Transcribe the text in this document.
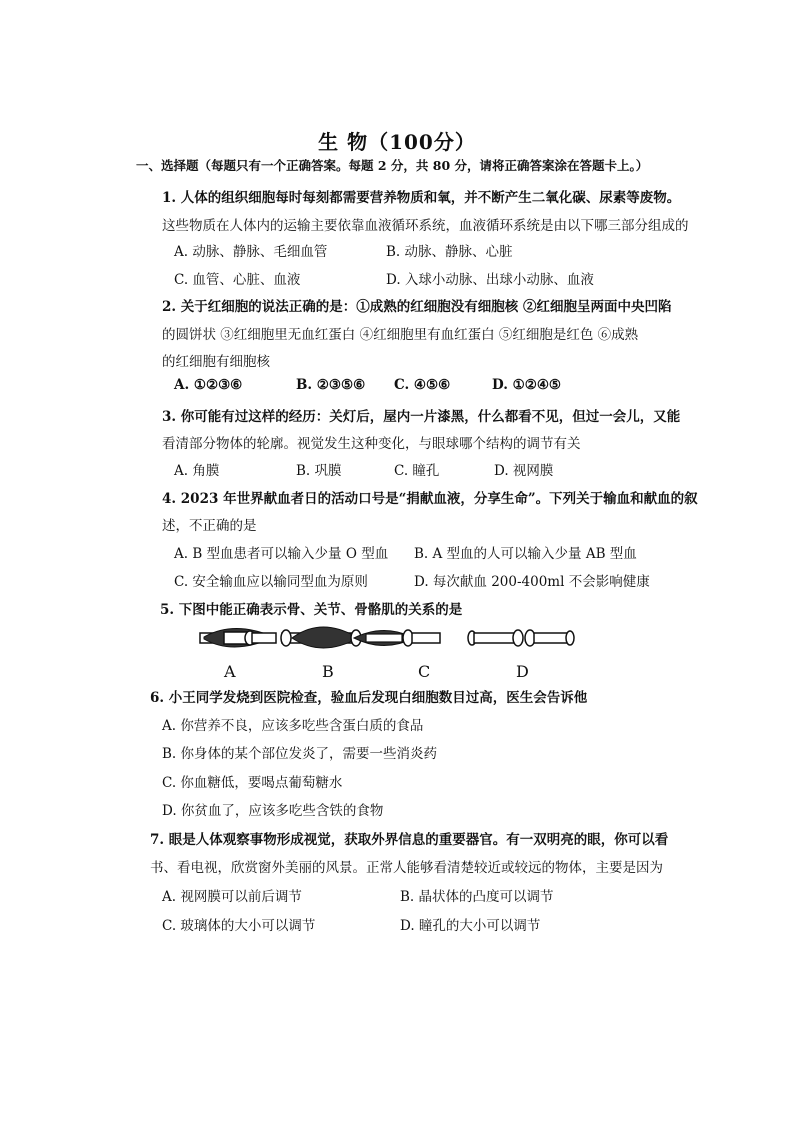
生 物（100分）
一、选择题（每题只有一个正确答案。每题 2 分，共 80 分，请将正确答案涂在答题卡上。）
1. 人体的组织细胞每时每刻都需要营养物质和氧，并不断产生二氧化碳、尿素等废物。
这些物质在人体内的运输主要依靠血液循环系统，血液循环系统是由以下哪三部分组成的
A. 动脉、静脉、毛细血管	B. 动脉、静脉、心脏
C. 血管、心脏、血液	D. 入球小动脉、出球小动脉、血液
2. 关于红细胞的说法正确的是：①成熟的红细胞没有细胞核 ②红细胞呈两面中央凹陷
的圆饼状 ③红细胞里无血红蛋白 ④红细胞里有血红蛋白 ⑤红细胞是红色 ⑥成熟
的红细胞有细胞核
A. ①②③⑥	B. ②③⑤⑥ C. ④⑤⑥	D. ①②④⑤
3. 你可能有过这样的经历：关灯后，屋内一片漆黑，什么都看不见，但过一会儿，又能
看清部分物体的轮廓。视觉发生这种变化，与眼球哪个结构的调节有关
A. 角膜	B. 巩膜	C. 瞳孔	D. 视网膜
4. 2023 年世界献血者日的活动口号是“捐献血液，分享生命”。下列关于输血和献血的叙
述，不正确的是
A. B 型血患者可以输入少量 O 型血 B. A 型血的人可以输入少量 AB 型血
C. 安全输血应以输同型血为原则	D. 每次献血 200-400ml 不会影响健康
5. 下图中能正确表示骨、关节、骨骼肌的关系的是
A	B	C	D
6. 小王同学发烧到医院检查，验血后发现白细胞数目过高，医生会告诉他
A. 你营养不良，应该多吃些含蛋白质的食品
B. 你身体的某个部位发炎了，需要一些消炎药
C. 你血糖低，要喝点葡萄糖水
D. 你贫血了，应该多吃些含铁的食物
7. 眼是人体观察事物形成视觉，获取外界信息的重要器官。有一双明亮的眼，你可以看
书、看电视，欣赏窗外美丽的风景。正常人能够看清楚较近或较远的物体，主要是因为
A. 视网膜可以前后调节	B. 晶状体的凸度可以调节
C. 玻璃体的大小可以调节	D. 瞳孔的大小可以调节
